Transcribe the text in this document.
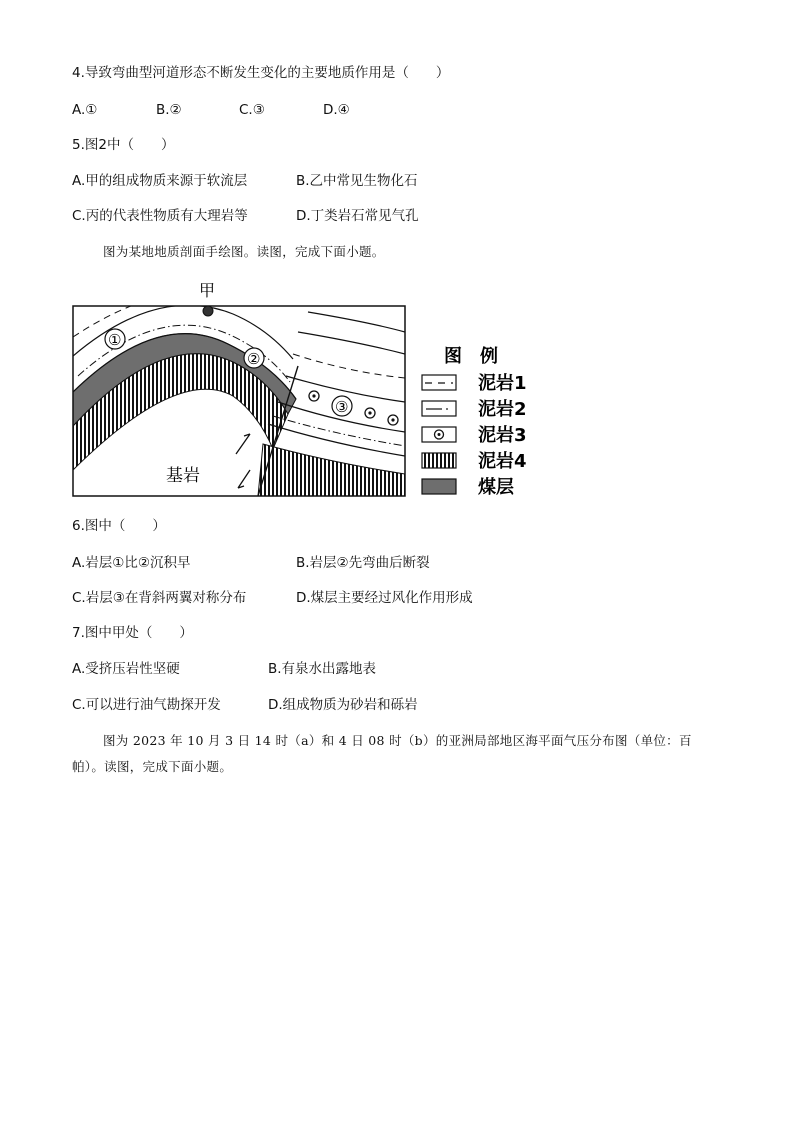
4.导致弯曲型河道形态不断发生变化的主要地质作用是（　　）
A.①	B.②	C.③	D.④
5.图2中（　　）
A.甲的组成物质来源于软流层	B.乙中常见生物化石
C.丙的代表性物质有大理岩等	D.丁类岩石常见气孔
图为某地地质剖面手绘图。读图，完成下面小题。
甲
①
②
③
基岩
图　例
泥岩1
泥岩2
泥岩3
泥岩4
煤层
6.图中（　　）
A.岩层①比②沉积早	B.岩层②先弯曲后断裂
C.岩层③在背斜两翼对称分布	D.煤层主要经过风化作用形成
7.图中甲处（　　）
A.受挤压岩性坚硬	B.有泉水出露地表
C.可以进行油气勘探开发	D.组成物质为砂岩和砾岩
图为 2023 年 10 月 3 日 14 时（a）和 4 日 08 时（b）的亚洲局部地区海平面气压分布图（单位：百
帕）。读图，完成下面小题。
